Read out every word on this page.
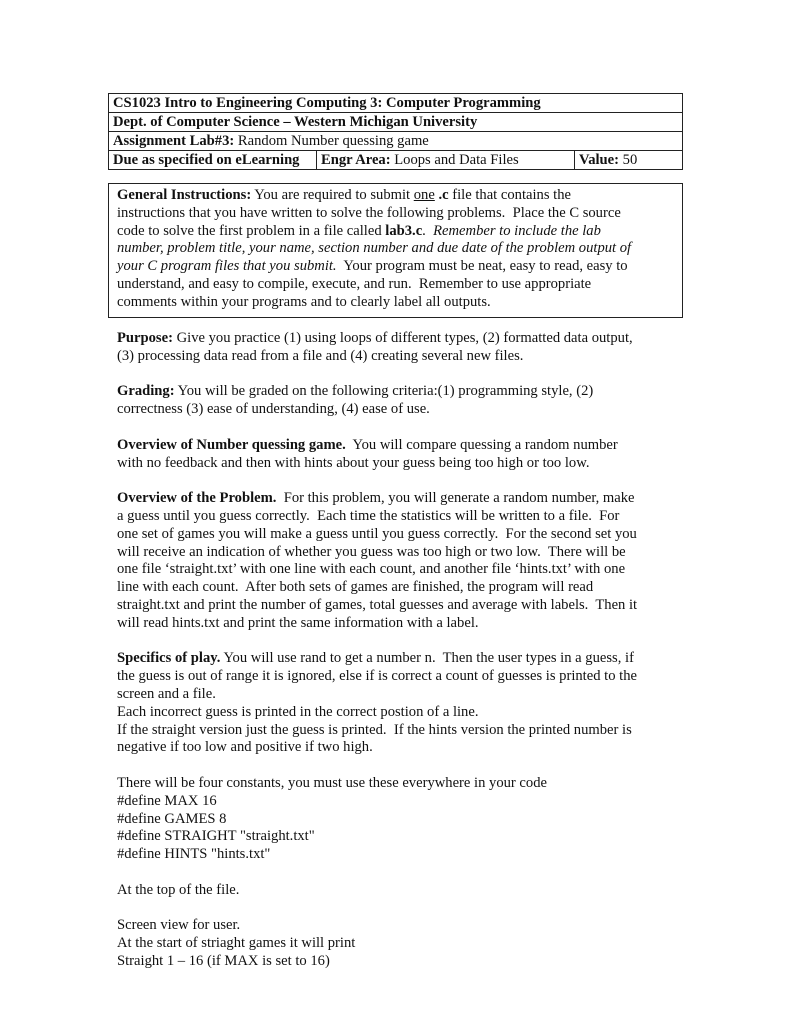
CS1023 Intro to Engineering Computing 3: Computer Programming
Dept. of Computer Science – Western Michigan University
Assignment Lab#3: Random Number quessing game
Due as specified on eLearning	Engr Area: Loops and Data Files	Value: 50
General Instructions: You are required to submit one .c file that contains the
instructions that you have written to solve the following problems.  Place the C source
code to solve the first problem in a file called lab3.c.  Remember to include the lab
number, problem title, your name, section number and due date of the problem output of
your C program files that you submit.  Your program must be neat, easy to read, easy to
understand, and easy to compile, execute, and run.  Remember to use appropriate
comments within your programs and to clearly label all outputs.
Purpose: Give you practice (1) using loops of different types, (2) formatted data output,
(3) processing data read from a file and (4) creating several new files.
Grading: You will be graded on the following criteria:(1) programming style, (2)
correctness (3) ease of understanding, (4) ease of use.
Overview of Number quessing game.  You will compare quessing a random number
with no feedback and then with hints about your guess being too high or too low.
Overview of the Problem.  For this problem, you will generate a random number, make
a guess until you guess correctly.  Each time the statistics will be written to a file.  For
one set of games you will make a guess until you guess correctly.  For the second set you
will receive an indication of whether you guess was too high or two low.  There will be
one file ‘straight.txt’ with one line with each count, and another file ‘hints.txt’ with one
line with each count.  After both sets of games are finished, the program will read
straight.txt and print the number of games, total guesses and average with labels.  Then it
will read hints.txt and print the same information with a label.
Specifics of play. You will use rand to get a number n.  Then the user types in a guess, if
the guess is out of range it is ignored, else if is correct a count of guesses is printed to the
screen and a file.
Each incorrect guess is printed in the correct postion of a line.
If the straight version just the guess is printed.  If the hints version the printed number is
negative if too low and positive if two high.
There will be four constants, you must use these everywhere in your code
#define MAX 16
#define GAMES 8
#define STRAIGHT "straight.txt"
#define HINTS "hints.txt"
At the top of the file.
Screen view for user.
At the start of striaght games it will print
Straight 1 – 16 (if MAX is set to 16)
